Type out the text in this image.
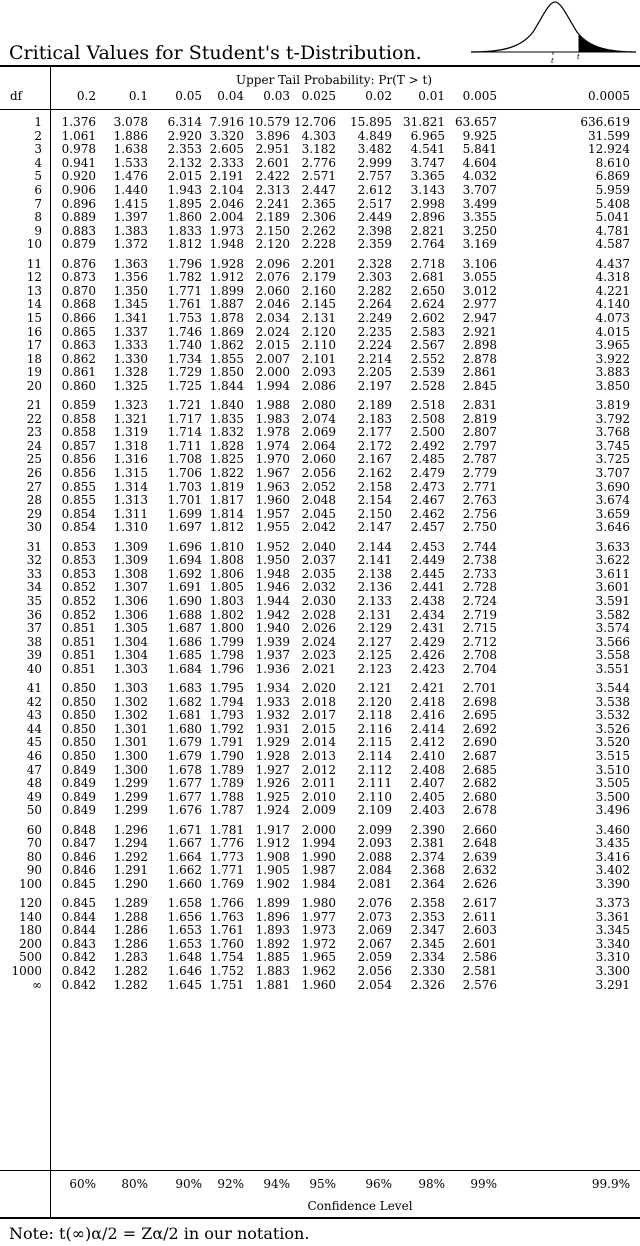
Critical Values for Student's t-Distribution.	t	t
Upper Tail Probability: Pr(T > t)
df	0.2	0.1 0.05 0.04 0.03 0.025 0.02 0.01 0.005	0.0005
1 1.376 3.078 6.314 7.916 10.579 12.706 15.895 31.821 63.657	636.619
2 1.061 1.886 2.920 3.320 3.896 4.303 4.849 6.965 9.925	31.599
3 0.978 1.638 2.353 2.605 2.951 3.182 3.482 4.541 5.841	12.924
4 0.941 1.533 2.132 2.333 2.601 2.776 2.999 3.747 4.604	8.610
5 0.920 1.476 2.015 2.191 2.422 2.571 2.757 3.365 4.032	6.869
6 0.906 1.440 1.943 2.104 2.313 2.447 2.612 3.143 3.707	5.959
7 0.896 1.415 1.895 2.046 2.241 2.365 2.517 2.998 3.499	5.408
8 0.889 1.397 1.860 2.004 2.189 2.306 2.449 2.896 3.355	5.041
9 0.883 1.383 1.833 1.973 2.150 2.262 2.398 2.821 3.250	4.781
10 0.879 1.372 1.812 1.948 2.120 2.228 2.359 2.764 3.169	4.587
11 0.876 1.363 1.796 1.928 2.096 2.201 2.328 2.718 3.106	4.437
12 0.873 1.356 1.782 1.912 2.076 2.179 2.303 2.681 3.055	4.318
13 0.870 1.350 1.771 1.899 2.060 2.160 2.282 2.650 3.012	4.221
14 0.868 1.345 1.761 1.887 2.046 2.145 2.264 2.624 2.977	4.140
15 0.866 1.341 1.753 1.878 2.034 2.131 2.249 2.602 2.947	4.073
16 0.865 1.337 1.746 1.869 2.024 2.120 2.235 2.583 2.921	4.015
17 0.863 1.333 1.740 1.862 2.015 2.110 2.224 2.567 2.898	3.965
18 0.862 1.330 1.734 1.855 2.007 2.101 2.214 2.552 2.878	3.922
19 0.861 1.328 1.729 1.850 2.000 2.093 2.205 2.539 2.861	3.883
20 0.860 1.325 1.725 1.844 1.994 2.086 2.197 2.528 2.845	3.850
21 0.859 1.323 1.721 1.840 1.988 2.080 2.189 2.518 2.831	3.819
22 0.858 1.321 1.717 1.835 1.983 2.074 2.183 2.508 2.819	3.792
23 0.858 1.319 1.714 1.832 1.978 2.069 2.177 2.500 2.807	3.768
24 0.857 1.318 1.711 1.828 1.974 2.064 2.172 2.492 2.797	3.745
25 0.856 1.316 1.708 1.825 1.970 2.060 2.167 2.485 2.787	3.725
26 0.856 1.315 1.706 1.822 1.967 2.056 2.162 2.479 2.779	3.707
27 0.855 1.314 1.703 1.819 1.963 2.052 2.158 2.473 2.771	3.690
28 0.855 1.313 1.701 1.817 1.960 2.048 2.154 2.467 2.763	3.674
29 0.854 1.311 1.699 1.814 1.957 2.045 2.150 2.462 2.756	3.659
30 0.854 1.310 1.697 1.812 1.955 2.042 2.147 2.457 2.750	3.646
31 0.853 1.309 1.696 1.810 1.952 2.040 2.144 2.453 2.744	3.633
32 0.853 1.309 1.694 1.808 1.950 2.037 2.141 2.449 2.738	3.622
33 0.853 1.308 1.692 1.806 1.948 2.035 2.138 2.445 2.733	3.611
34 0.852 1.307 1.691 1.805 1.946 2.032 2.136 2.441 2.728	3.601
35 0.852 1.306 1.690 1.803 1.944 2.030 2.133 2.438 2.724	3.591
36 0.852 1.306 1.688 1.802 1.942 2.028 2.131 2.434 2.719	3.582
37 0.851 1.305 1.687 1.800 1.940 2.026 2.129 2.431 2.715	3.574
38 0.851 1.304 1.686 1.799 1.939 2.024 2.127 2.429 2.712	3.566
39 0.851 1.304 1.685 1.798 1.937 2.023 2.125 2.426 2.708	3.558
40 0.851 1.303 1.684 1.796 1.936 2.021 2.123 2.423 2.704	3.551
41 0.850 1.303 1.683 1.795 1.934 2.020 2.121 2.421 2.701	3.544
42 0.850 1.302 1.682 1.794 1.933 2.018 2.120 2.418 2.698	3.538
43 0.850 1.302 1.681 1.793 1.932 2.017 2.118 2.416 2.695	3.532
44 0.850 1.301 1.680 1.792 1.931 2.015 2.116 2.414 2.692	3.526
45 0.850 1.301 1.679 1.791 1.929 2.014 2.115 2.412 2.690	3.520
46 0.850 1.300 1.679 1.790 1.928 2.013 2.114 2.410 2.687	3.515
47 0.849 1.300 1.678 1.789 1.927 2.012 2.112 2.408 2.685	3.510
48 0.849 1.299 1.677 1.789 1.926 2.011 2.111 2.407 2.682	3.505
49 0.849 1.299 1.677 1.788 1.925 2.010 2.110 2.405 2.680	3.500
50 0.849 1.299 1.676 1.787 1.924 2.009 2.109 2.403 2.678	3.496
60 0.848 1.296 1.671 1.781 1.917 2.000 2.099 2.390 2.660	3.460
70 0.847 1.294 1.667 1.776 1.912 1.994 2.093 2.381 2.648	3.435
80 0.846 1.292 1.664 1.773 1.908 1.990 2.088 2.374 2.639	3.416
90 0.846 1.291 1.662 1.771 1.905 1.987 2.084 2.368 2.632	3.402
100 0.845 1.290 1.660 1.769 1.902 1.984 2.081 2.364 2.626	3.390
120 0.845 1.289 1.658 1.766 1.899 1.980 2.076 2.358 2.617	3.373
140 0.844 1.288 1.656 1.763 1.896 1.977 2.073 2.353 2.611	3.361
180 0.844 1.286 1.653 1.761 1.893 1.973 2.069 2.347 2.603	3.345
200 0.843 1.286 1.653 1.760 1.892 1.972 2.067 2.345 2.601	3.340
500 0.842 1.283 1.648 1.754 1.885 1.965 2.059 2.334 2.586	3.310
1000 0.842 1.282 1.646 1.752 1.883 1.962 2.056 2.330 2.581	3.300
∞ 0.842 1.282 1.645 1.751 1.881 1.960 2.054 2.326 2.576	3.291
60% 80% 90% 92% 94% 95% 96% 98% 99%	99.9%
Confidence Level
Note: t(∞)α/2 = Zα/2 in our notation.
